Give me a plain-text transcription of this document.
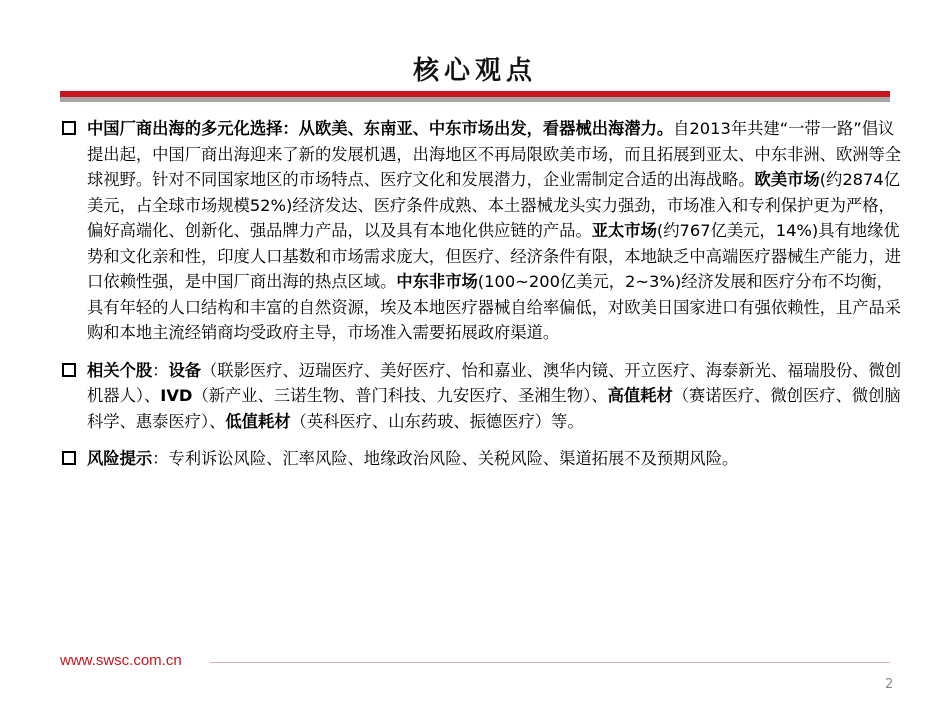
核心观点

中国厂商出海的多元化选择：从欧美、东南亚、中东市场出发，看器械出海潜力。自2013年共建“一带一路”倡议提出起，中国厂商出海迎来了新的发展机遇，出海地区不再局限欧美市场，而且拓展到亚太、中东非洲、欧洲等全球视野。针对不同国家地区的市场特点、医疗文化和发展潜力，企业需制定合适的出海战略。欧美市场(约2874亿美元，占全球市场规模52%)经济发达、医疗条件成熟、本土器械龙头实力强劲，市场准入和专利保护更为严格，偏好高端化、创新化、强品牌力产品，以及具有本地化供应链的产品。亚太市场(约767亿美元，14%)具有地缘优势和文化亲和性，印度人口基数和市场需求庞大，但医疗、经济条件有限，本地缺乏中高端医疗器械生产能力，进口依赖性强，是中国厂商出海的热点区域。中东非市场(100~200亿美元，2~3%)经济发展和医疗分布不均衡，具有年轻的人口结构和丰富的自然资源，埃及本地医疗器械自给率偏低，对欧美日国家进口有强依赖性，且产品采购和本地主流经销商均受政府主导，市场准入需要拓展政府渠道。

相关个股：设备（联影医疗、迈瑞医疗、美好医疗、怡和嘉业、澳华内镜、开立医疗、海泰新光、福瑞股份、微创机器人）、IVD（新产业、三诺生物、普门科技、九安医疗、圣湘生物）、高值耗材（赛诺医疗、微创医疗、微创脑科学、惠泰医疗）、低值耗材（英科医疗、山东药玻、振德医疗）等。

风险提示：专利诉讼风险、汇率风险、地缘政治风险、关税风险、渠道拓展不及预期风险。

www.swsc.com.cn
2
